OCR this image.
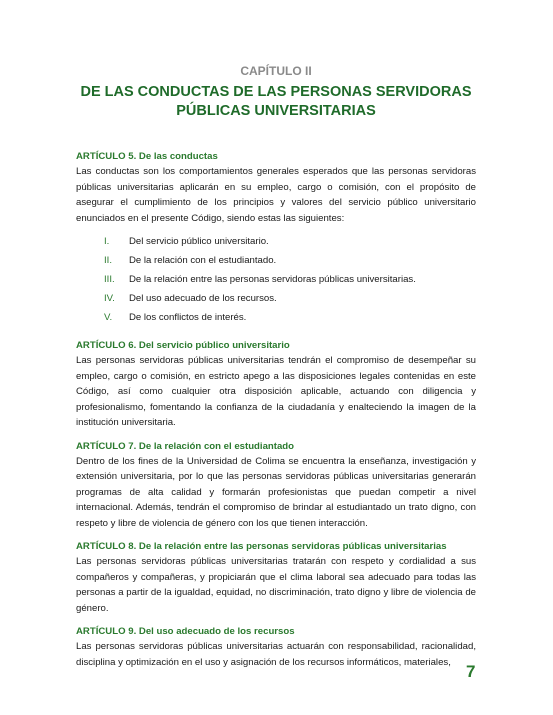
CAPÍTULO II
DE LAS CONDUCTAS DE LAS PERSONAS SERVIDORAS
PÚBLICAS UNIVERSITARIAS

ARTÍCULO 5. De las conductas

Las conductas son los comportamientos generales esperados que las personas servidoras públicas universitarias aplicarán en su empleo, cargo o comisión, con el propósito de asegurar el cumplimiento de los principios y valores del servicio público universitario enunciados en el presente Código, siendo estas las siguientes:

I.	Del servicio público universitario.
II.	De la relación con el estudiantado.
III.	De la relación entre las personas servidoras públicas universitarias.
IV.	Del uso adecuado de los recursos.
V.	De los conflictos de interés.

ARTÍCULO 6. Del servicio público universitario

Las personas servidoras públicas universitarias tendrán el compromiso de desempeñar su empleo, cargo o comisión, en estricto apego a las disposiciones legales contenidas en este Código, así como cualquier otra disposición aplicable, actuando con diligencia y profesionalismo, fomentando la confianza de la ciudadanía y enalteciendo la imagen de la institución universitaria.

ARTÍCULO 7. De la relación con el estudiantado

Dentro de los fines de la Universidad de Colima se encuentra la enseñanza, investigación y extensión universitaria, por lo que las personas servidoras públicas universitarias generarán programas de alta calidad y formarán profesionistas que puedan competir a nivel internacional. Además, tendrán el compromiso de brindar al estudiantado un trato digno, con respeto y libre de violencia de género con los que tienen interacción.

ARTÍCULO 8. De la relación entre las personas servidoras públicas universitarias

Las personas servidoras públicas universitarias tratarán con respeto y cordialidad a sus compañeros y compañeras, y propiciarán que el clima laboral sea adecuado para todas las personas a partir de la igualdad, equidad, no discriminación, trato digno y libre de violencia de género.

ARTÍCULO 9. Del uso adecuado de los recursos

Las personas servidoras públicas universitarias actuarán con responsabilidad, racionalidad, disciplina y optimización en el uso y asignación de los recursos informáticos, materiales, 7
